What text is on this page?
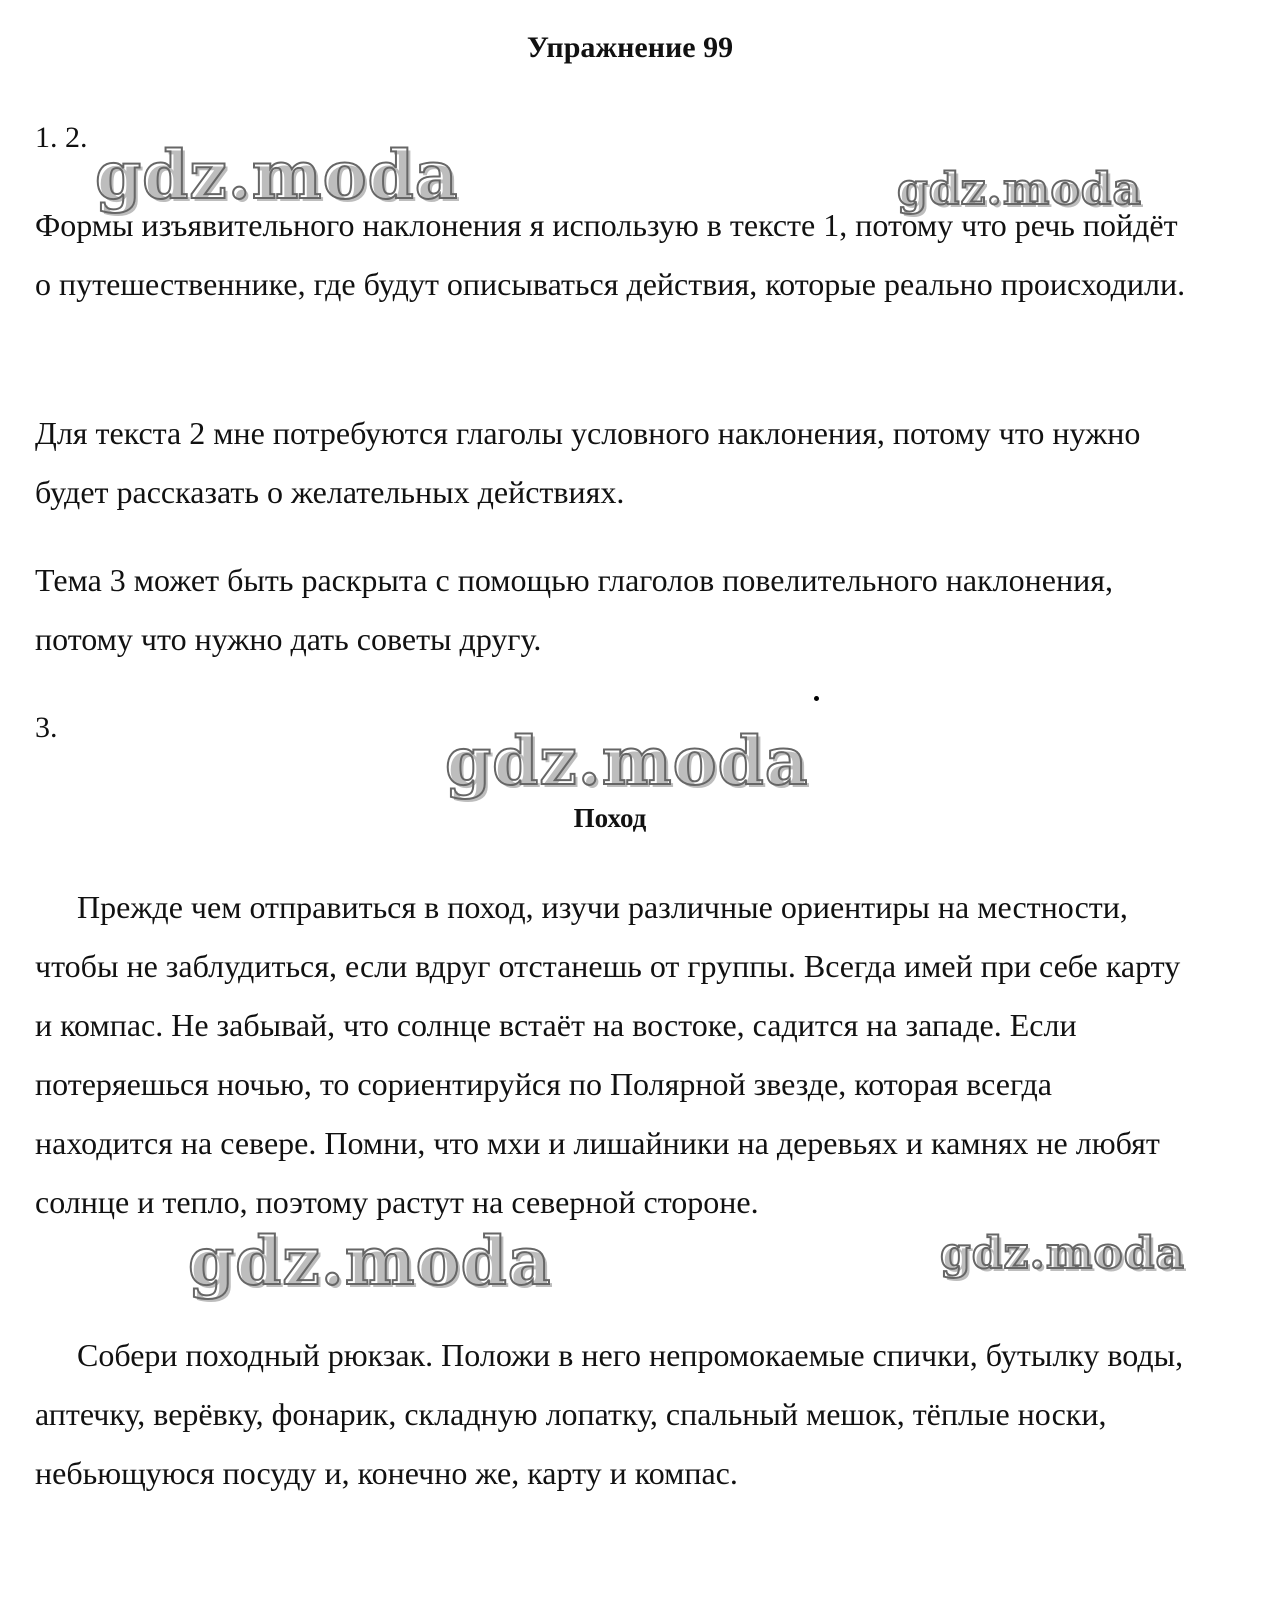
Упражнение 99
1. 2.

Формы изъявительного наклонения я использую в тексте 1, потому что речь пойдёт о путешественнике, где будут описываться действия, которые реально происходили.

Для текста 2 мне потребуются глаголы условного наклонения, потому что нужно будет рассказать о желательных действиях.

Тема 3 может быть раскрыта с помощью глаголов повелительного наклонения, потому что нужно дать советы другу.

3.
Поход

Прежде чем отправиться в поход, изучи различные ориентиры на местности, чтобы не заблудиться, если вдруг отстанешь от группы. Всегда имей при себе карту и компас. Не забывай, что солнце встаёт на востоке, садится на западе. Если потеряешься ночью, то сориентируйся по Полярной звезде, которая всегда находится на севере. Помни, что мхи и лишайники на деревьях и камнях не любят солнце и тепло, поэтому растут на северной стороне.

Собери походный рюкзак. Положи в него непромокаемые спички, бутылку воды, аптечку, верёвку, фонарик, складную лопатку, спальный мешок, тёплые носки, небьющуюся посуду и, конечно же, карту и компас.

gdz.moda	gdz.moda
gdz.moda
gdz.moda	gdz.moda
